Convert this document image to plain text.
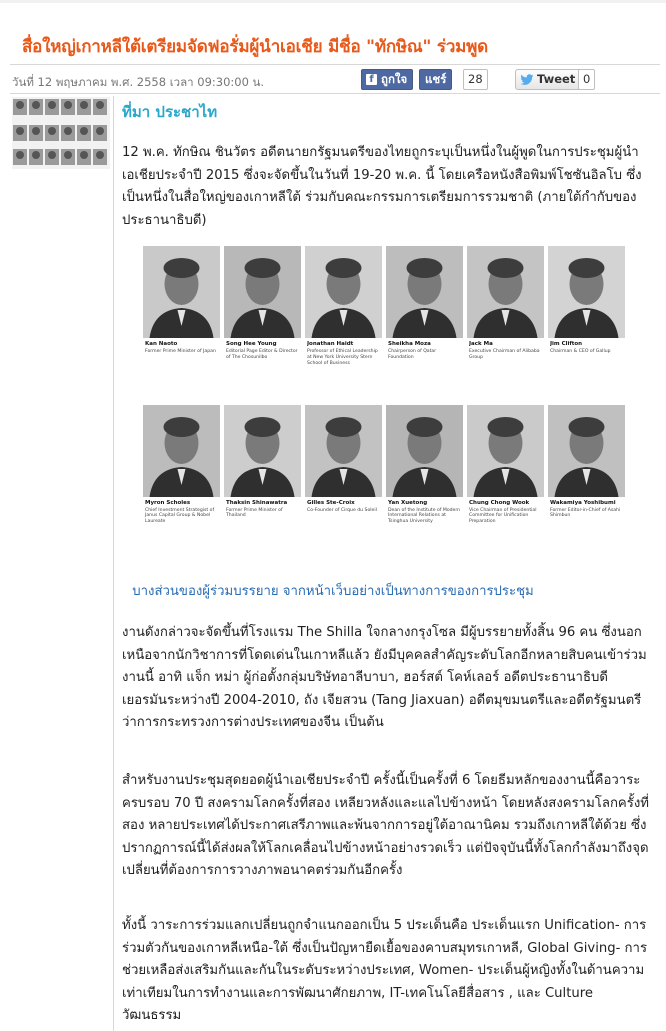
สื่อใหญ่เกาหลีใต้เตรียมจัดฟอรั่มผู้นำเอเชีย มีชื่อ "ทักษิณ" ร่วมพูด
วันที่ 12 พฤษภาคม พ.ศ. 2558 เวลา 09:30:00 น.	f ถูกใจ	แชร์	28	Tweet 0
ที่มา ประชาไท

12 พ.ค. ทักษิณ ชินวัตร อดีตนายกรัฐมนตรีของไทยถูกระบุเป็นหนึ่งในผู้พูดในการประชุมผู้นำเอเชียประจำปี 2015 ซึ่งจะจัดขึ้นในวันที่ 19-20 พ.ค. นี้ โดยเครือหนังสือพิมพ์โชซันอิลโบ ซึ่งเป็นหนึ่งในสื่อใหญ่ของเกาหลีใต้ ร่วมกับคณะกรรมการเตรียมการรวมชาติ (ภายใต้กำกับของประธานาธิบดี)

Kan Naoto
Former Prime Minister of Japan
Song Hee Young
Editorial Page Editor & Director of The Chosunilbo
Jonathan Haidt
Professor of Ethical Leadership at New York University Stern School of Business
Sheikha Moza
Chairperson of Qatar Foundation
Jack Ma
Executive Chairman of Alibaba Group
Jim Clifton
Chairman & CEO of Gallup
Myron Scholes
Chief Investment Strategist of Janus Capital Group & Nobel Laureate
Thaksin Shinawatra
Former Prime Minister of Thailand
Gilles Ste-Croix
Co-Founder of Cirque du Soleil
Yan Xuetong
Dean of the Institute of Modern International Relations at Tsinghua University
Chung Chong Wook
Vice Chairman of Presidential Committee for Unification Preparation
Wakamiya Yoshibumi
Former Editor-in-Chief of Asahi Shimbun
บางส่วนของผู้ร่วมบรรยาย จากหน้าเว็บอย่างเป็นทางการของการประชุม

งานดังกล่าวจะจัดขึ้นที่โรงแรม The Shilla ใจกลางกรุงโซล มีผู้บรรยายทั้งสิ้น 96 คน ซึ่งนอกเหนือจากนักวิชาการที่โดดเด่นในเกาหลีแล้ว ยังมีบุคคลสำคัญระดับโลกอีกหลายสิบคนเข้าร่วมงานนี้ อาทิ แจ็ก หม่า ผู้ก่อตั้งกลุ่มบริษัทอาลีบาบา, ฮอร์สต์ โคห์เลอร์ อดีตประธานาธิบดีเยอรมันระหว่างปี 2004-2010, ถัง เจียสวน (Tang Jiaxuan) อดีตมุขมนตรีและอดีตรัฐมนตรีว่าการกระทรวงการต่างประเทศของจีน เป็นต้น

สำหรับงานประชุมสุดยอดผู้นำเอเชียประจำปี ครั้งนี้เป็นครั้งที่ 6 โดยธีมหลักของงานนี้คือวาระครบรอบ 70 ปี สงครามโลกครั้งที่สอง เหลียวหลังและแลไปข้างหน้า โดยหลังสงครามโลกครั้งที่สอง หลายประเทศได้ประกาศเสรีภาพและพ้นจากการอยู่ใต้อาณานิคม รวมถึงเกาหลีใต้ด้วย ซึ่งปรากฏการณ์นี้ได้ส่งผลให้โลกเคลื่อนไปข้างหน้าอย่างรวดเร็ว แต่ปัจจุบันนี้ทั้งโลกกำลังมาถึงจุดเปลี่ยนที่ต้องการการวางภาพอนาคตร่วมกันอีกครั้ง

ทั้งนี้ วาระการร่วมแลกเปลี่ยนถูกจำแนกออกเป็น 5 ประเด็นคือ ประเด็นแรก Unification- การร่วมตัวกันของเกาหลีเหนือ-ใต้ ซึ่งเป็นปัญหายืดเยื้อของคาบสมุทรเกาหลี, Global Giving- การช่วยเหลือส่งเสริมกันและกันในระดับระหว่างประเทศ, Women- ประเด็นผู้หญิงทั้งในด้านความเท่าเทียมในการทำงานและการพัฒนาศักยภาพ, IT-เทคโนโลยีสื่อสาร , และ Culture วัฒนธรรม
